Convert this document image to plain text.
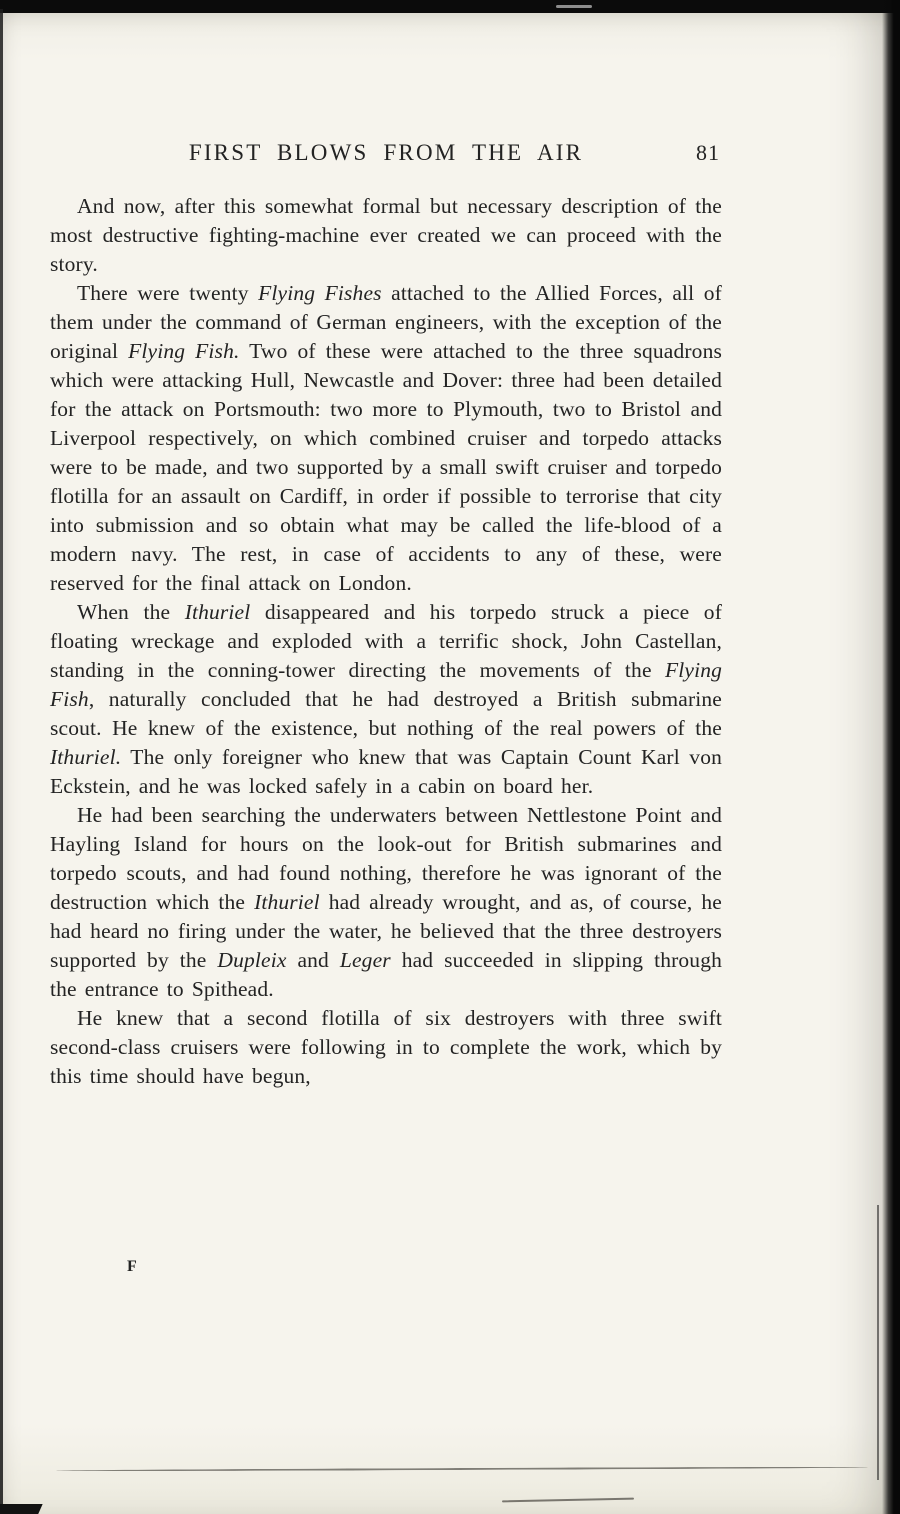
FIRST BLOWS FROM THE AIR	81

And now, after this somewhat formal but necessary description of the most destructive fighting-machine ever created we can proceed with the story.

There were twenty Flying Fishes attached to the Allied Forces, all of them under the command of German engineers, with the exception of the original Flying Fish. Two of these were attached to the three squadrons which were attacking Hull, Newcastle and Dover: three had been detailed for the attack on Portsmouth: two more to Plymouth, two to Bristol and Liverpool respectively, on which combined cruiser and torpedo attacks were to be made, and two supported by a small swift cruiser and torpedo flotilla for an assault on Cardiff, in order if possible to terrorise that city into submission and so obtain what may be called the life-blood of a modern navy. The rest, in case of accidents to any of these, were reserved for the final attack on London.

When the Ithuriel disappeared and his torpedo struck a piece of floating wreckage and exploded with a terrific shock, John Castellan, standing in the conning-tower directing the movements of the Flying Fish, naturally concluded that he had destroyed a British submarine scout. He knew of the existence, but nothing of the real powers of the Ithuriel. The only foreigner who knew that was Captain Count Karl von Eckstein, and he was locked safely in a cabin on board her.

He had been searching the underwaters between Nettlestone Point and Hayling Island for hours on the look-out for British submarines and torpedo scouts, and had found nothing, therefore he was ignorant of the destruction which the Ithuriel had already wrought, and as, of course, he had heard no firing under the water, he believed that the three destroyers supported by the Dupleix and Leger had succeeded in slipping through the entrance to Spithead.

He knew that a second flotilla of six destroyers with three swift second-class cruisers were following in to complete the work, which by this time should have begun,

F
